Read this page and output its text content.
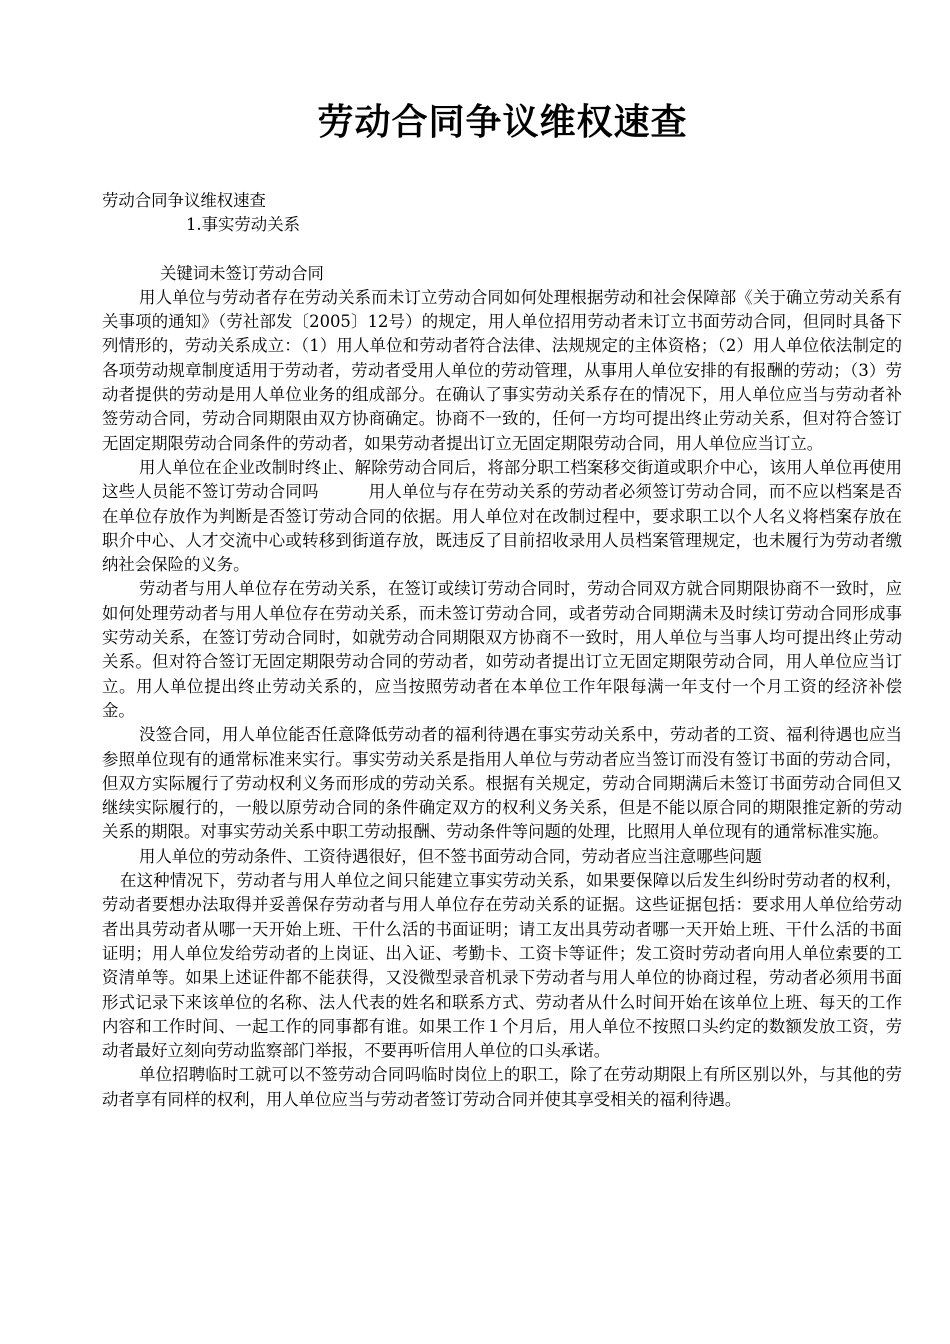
劳动合同争议维权速查

劳动合同争议维权速查

1.事实劳动关系

关键词未签订劳动合同

用人单位与劳动者存在劳动关系而未订立劳动合同如何处理根据劳动和社会保障部《关于确立劳动关系有关事项的通知》（劳社部发〔2005〕12号）的规定，用人单位招用劳动者未订立书面劳动合同，但同时具备下列情形的，劳动关系成立：（1）用人单位和劳动者符合法律、法规规定的主体资格；（2）用人单位依法制定的各项劳动规章制度适用于劳动者，劳动者受用人单位的劳动管理，从事用人单位安排的有报酬的劳动；（3）劳动者提供的劳动是用人单位业务的组成部分。在确认了事实劳动关系存在的情况下，用人单位应当与劳动者补签劳动合同，劳动合同期限由双方协商确定。协商不一致的，任何一方均可提出终止劳动关系，但对符合签订无固定期限劳动合同条件的劳动者，如果劳动者提出订立无固定期限劳动合同，用人单位应当订立。

用人单位在企业改制时终止、解除劳动合同后，将部分职工档案移交街道或职介中心，该用人单位再使用这些人员能不签订劳动合同吗　　　用人单位与存在劳动关系的劳动者必须签订劳动合同，而不应以档案是否在单位存放作为判断是否签订劳动合同的依据。用人单位对在改制过程中，要求职工以个人名义将档案存放在职介中心、人才交流中心或转移到街道存放，既违反了目前招收录用人员档案管理规定，也未履行为劳动者缴纳社会保险的义务。

劳动者与用人单位存在劳动关系，在签订或续订劳动合同时，劳动合同双方就合同期限协商不一致时，应如何处理劳动者与用人单位存在劳动关系，而未签订劳动合同，或者劳动合同期满未及时续订劳动合同形成事实劳动关系，在签订劳动合同时，如就劳动合同期限双方协商不一致时，用人单位与当事人均可提出终止劳动关系。但对符合签订无固定期限劳动合同的劳动者，如劳动者提出订立无固定期限劳动合同，用人单位应当订立。用人单位提出终止劳动关系的，应当按照劳动者在本单位工作年限每满一年支付一个月工资的经济补偿金。

没签合同，用人单位能否任意降低劳动者的福利待遇在事实劳动关系中，劳动者的工资、福利待遇也应当参照单位现有的通常标准来实行。事实劳动关系是指用人单位与劳动者应当签订而没有签订书面的劳动合同，但双方实际履行了劳动权利义务而形成的劳动关系。根据有关规定，劳动合同期满后未签订书面劳动合同但又继续实际履行的，一般以原劳动合同的条件确定双方的权利义务关系，但是不能以原合同的期限推定新的劳动关系的期限。对事实劳动关系中职工劳动报酬、劳动条件等问题的处理，比照用人单位现有的通常标准实施。

用人单位的劳动条件、工资待遇很好，但不签书面劳动合同，劳动者应当注意哪些问题

在这种情况下，劳动者与用人单位之间只能建立事实劳动关系，如果要保障以后发生纠纷时劳动者的权利，劳动者要想办法取得并妥善保存劳动者与用人单位存在劳动关系的证据。这些证据包括：要求用人单位给劳动者出具劳动者从哪一天开始上班、干什么活的书面证明；请工友出具劳动者哪一天开始上班、干什么活的书面证明；用人单位发给劳动者的上岗证、出入证、考勤卡、工资卡等证件；发工资时劳动者向用人单位索要的工资清单等。如果上述证件都不能获得，又没微型录音机录下劳动者与用人单位的协商过程，劳动者必须用书面形式记录下来该单位的名称、法人代表的姓名和联系方式、劳动者从什么时间开始在该单位上班、每天的工作内容和工作时间、一起工作的同事都有谁。如果工作１个月后，用人单位不按照口头约定的数额发放工资，劳动者最好立刻向劳动监察部门举报，不要再听信用人单位的口头承诺。

单位招聘临时工就可以不签劳动合同吗临时岗位上的职工，除了在劳动期限上有所区别以外，与其他的劳动者享有同样的权利，用人单位应当与劳动者签订劳动合同并使其享受相关的福利待遇。
